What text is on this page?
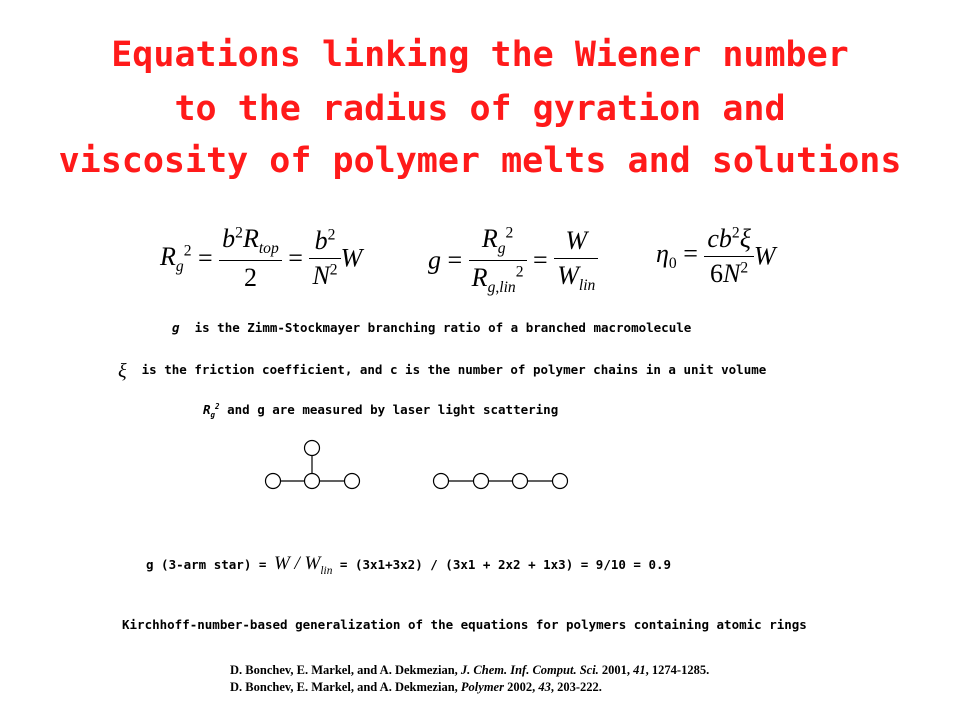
Equations linking the Wiener number
to the radius of gyration and
viscosity of polymer melts and solutions
$R_g^2 = \frac{b^2R_{top}}{2} = \frac{b^2}{N^2}$ W	$g = \frac{R_g^2}{R_{g,lin}^2} = \frac{W}{W_{lin}} \eta_0 = \frac{cb^2\xi}{6N^2}$ W
g is the Zimm-Stockmayer branching ratio of a branched macromolecule
ξ is the friction coefficient, and c is the number of polymer chains in a unit volume
$R_g^2$ and g are measured by laser light scattering
g (3-arm star) = $W / W_{lin} = (3x1+3x2) / (3x1 + 2x2 + 1x3) = 9/10 = 0.9$
Kirchhoff-number-based generalization of the equations for polymers containing atomic rings
D. Bonchev, E. Markel, and A. Dekmezian, J. Chem. Inf. Comput. Sci. 2001, 41, 1274-1285.
D. Bonchev, E. Markel, and A. Dekmezian, Polymer 2002, 43, 203-222.
